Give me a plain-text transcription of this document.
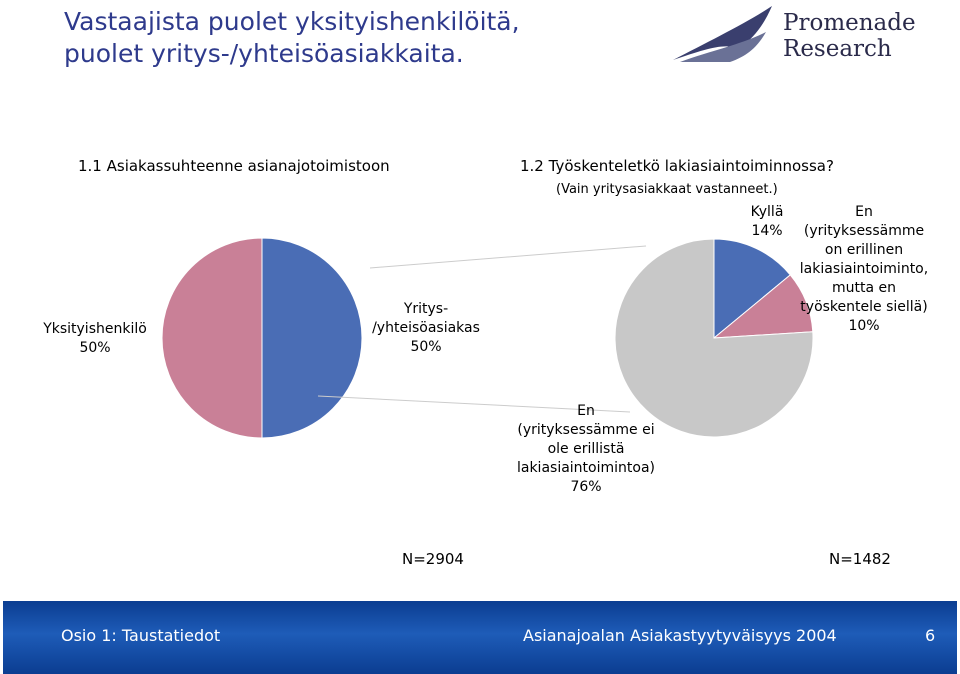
Vastaajista puolet yksityishenkilöitä,
puolet yritys-/yhteisöasiakkaita.
Promenade
Research
1.1 Asiakassuhteenne asianajotoimistoon	1.2 Työskenteletkö lakiasiaintoiminnossa?
(Vain yritysasiakkaat vastanneet.)
Yksityishenkilö
50%
Yritys-
/yhteisöasiakas
50%
Kyllä
14%
En
(yrityksessämme
on erillinen
lakiasiaintoiminto,
mutta en
työskentele siellä)
10%
En
(yrityksessämme ei
ole erillistä
lakiasiaintoimintoa)
76%
N=2904	N=1482
Osio 1: Taustatiedot	Asianajoalan Asiakastyytyväisyys 2004	6
